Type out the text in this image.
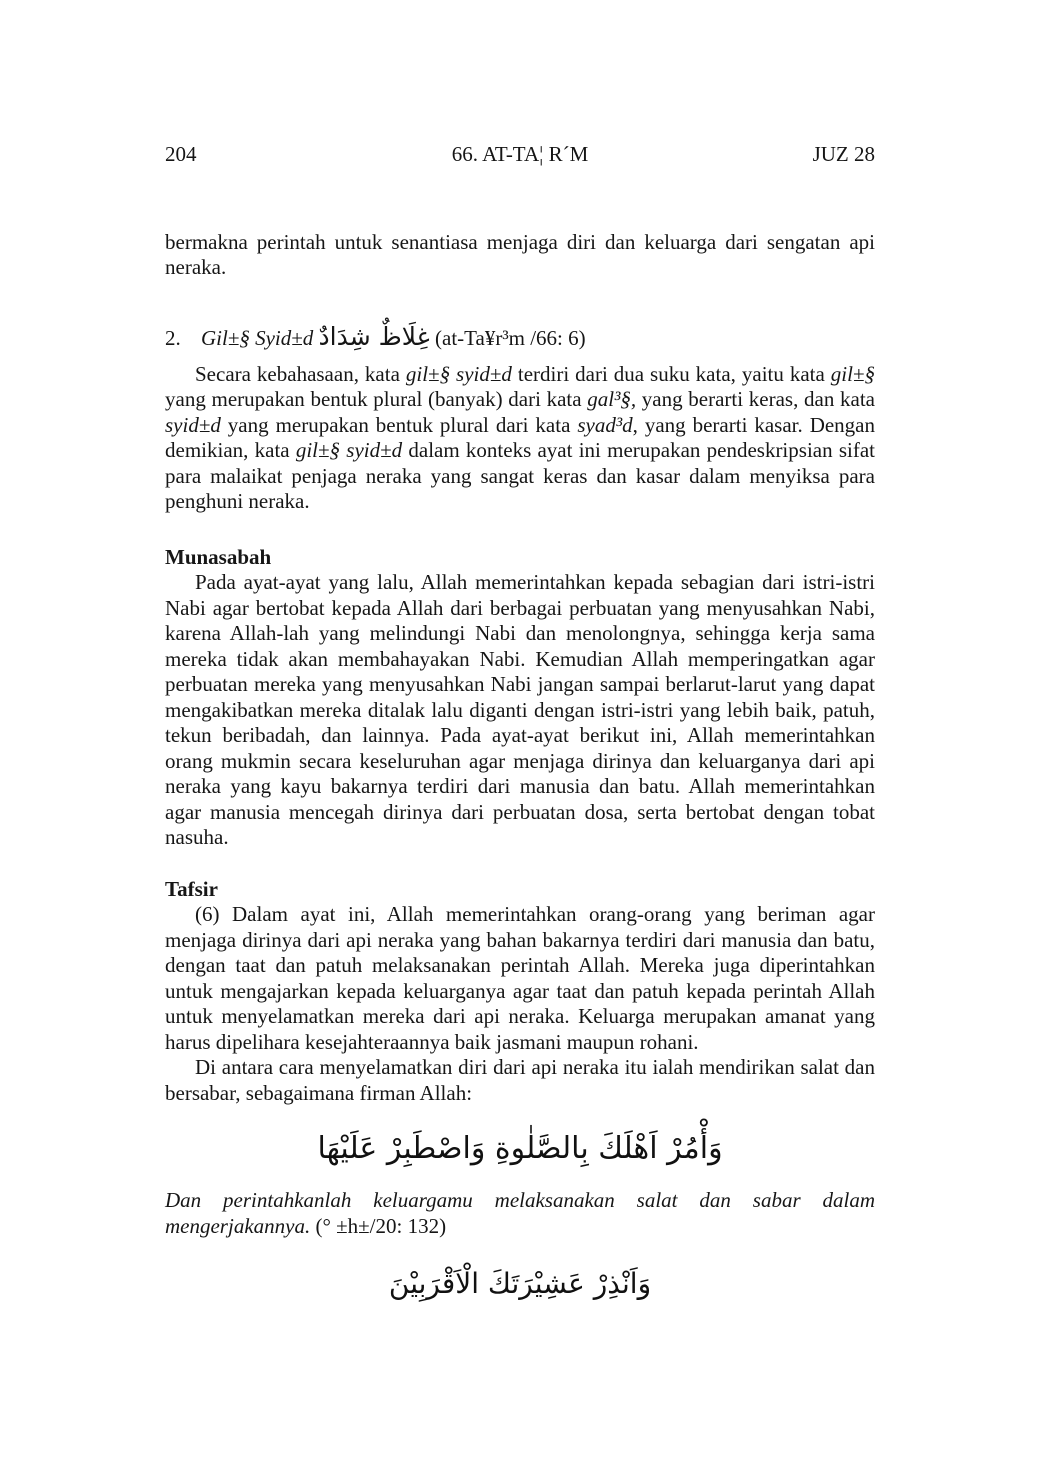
204	66. AT-TA¦ R´M	JUZ 28

bermakna perintah untuk senantiasa menjaga diri dan keluarga dari sengatan api neraka.

2. Gil±§ Syid±d غِلَاظٌ شِدَادٌ (at-Ta¥r³m /66: 6)

Secara kebahasaan, kata gil±§ syid±d terdiri dari dua suku kata, yaitu kata gil±§ yang merupakan bentuk plural (banyak) dari kata gal³§, yang berarti keras, dan kata syid±d yang merupakan bentuk plural dari kata syad³d, yang berarti kasar. Dengan demikian, kata gil±§ syid±d dalam konteks ayat ini merupakan pendeskripsian sifat para malaikat penjaga neraka yang sangat keras dan kasar dalam menyiksa para penghuni neraka.

Munasabah

Pada ayat-ayat yang lalu, Allah memerintahkan kepada sebagian dari istri-istri Nabi agar bertobat kepada Allah dari berbagai perbuatan yang menyusahkan Nabi, karena Allah-lah yang melindungi Nabi dan menolongnya, sehingga kerja sama mereka tidak akan membahayakan Nabi. Kemudian Allah memperingatkan agar perbuatan mereka yang menyusahkan Nabi jangan sampai berlarut-larut yang dapat mengakibatkan mereka ditalak lalu diganti dengan istri-istri yang lebih baik, patuh, tekun beribadah, dan lainnya. Pada ayat-ayat berikut ini, Allah memerintahkan orang mukmin secara keseluruhan agar menjaga dirinya dan keluarganya dari api neraka yang kayu bakarnya terdiri dari manusia dan batu. Allah memerintahkan agar manusia mencegah dirinya dari perbuatan dosa, serta bertobat dengan tobat nasuha.

Tafsir

(6) Dalam ayat ini, Allah memerintahkan orang-orang yang beriman agar menjaga dirinya dari api neraka yang bahan bakarnya terdiri dari manusia dan batu, dengan taat dan patuh melaksanakan perintah Allah. Mereka juga diperintahkan untuk mengajarkan kepada keluarganya agar taat dan patuh kepada perintah Allah untuk menyelamatkan mereka dari api neraka. Keluarga merupakan amanat yang harus dipelihara kesejahteraannya baik jasmani maupun rohani.

Di antara cara menyelamatkan diri dari api neraka itu ialah mendirikan salat dan bersabar, sebagaimana firman Allah:

وَأْمُرْ اَهْلَكَ بِالصَّلٰوةِ وَاصْطَبِرْ عَلَيْهَا

Dan perintahkanlah keluargamu melaksanakan salat dan sabar dalam mengerjakannya. (° ±h±/20: 132)

وَاَنْذِرْ عَشِيْرَتَكَ الْاَقْرَبِيْنَ
